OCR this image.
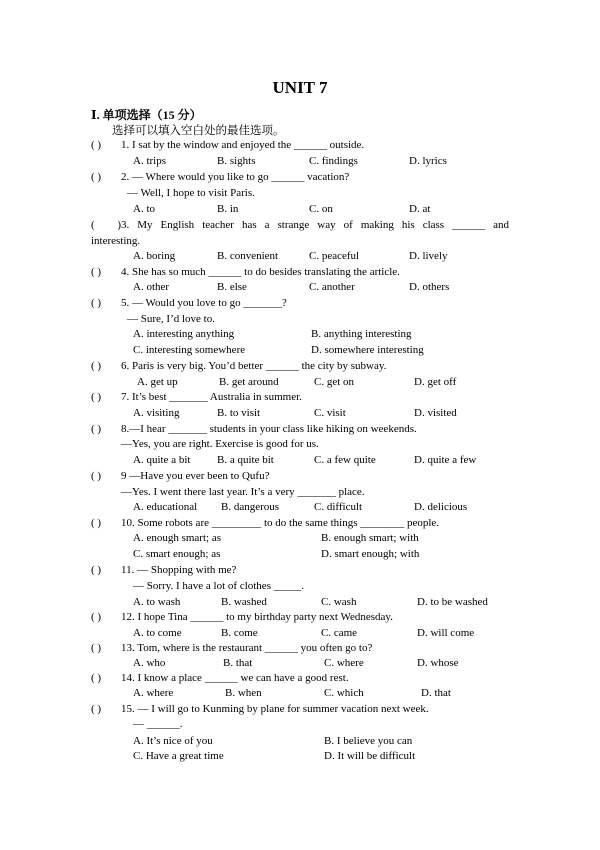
UNIT 7
Ⅰ. 单项选择（15 分）
选择可以填入空白处的最佳选项。
( ) 1. I sat by the window and enjoyed the ______ outside.
A. trips	B. sights	C. findings	D. lyrics
( ) 2. — Where would you like to go ______ vacation?
— Well, I hope to visit Paris.
A. to	B. in	C. on	D. at
( )3. My English teacher has a strange way of making his class ______ and
interesting.
A. boring	B. convenient	C. peaceful	D. lively
( ) 4. She has so much ______ to do besides translating the article.
A. other	B. else	C. another	D. others
( ) 5. — Would you love to go _______?
— Sure, I’d love to.
A. interesting anything	B. anything interesting
C. interesting somewhere	D. somewhere interesting
( ) 6. Paris is very big. You’d better ______ the city by subway.
A. get up	B. get around	C. get on	D. get off
( ) 7. It’s best _______ Australia in summer.
A. visiting	B. to visit	C. visit	D. visited
( ) 8.—I hear _______ students in your class like hiking on weekends.
—Yes, you are right. Exercise is good for us.
A. quite a bit B. a quite bit	C. a few quite	D. quite a few
( ) 9 —Have you ever been to Qufu?
—Yes. I went there last year. It’s a very _______ place.
A. educational B. dangerous	C. difficult	D. delicious
( ) 10. Some robots are _________ to do the same things ________ people.
A. enough smart; as	B. enough smart; with
C. smart enough; as	D. smart enough; with
( ) 11. — Shopping with me?
— Sorry. I have a lot of clothes _____.
A. to wash	B. washed	C. wash	D. to be washed
( ) 12. I hope Tina ______ to my birthday party next Wednesday.
A. to come	B. come	C. came	D. will come
( ) 13. Tom, where is the restaurant ______ you often go to?
A. who	B. that	C. where	D. whose
( ) 14. I know a place ______ we can have a good rest.
A. where	B. when	C. which	D. that
( ) 15. — I will go to Kunming by plane for summer vacation next week.
— ______.
A. It’s nice of you	B. I believe you can
C. Have a great time	D. It will be difficult
